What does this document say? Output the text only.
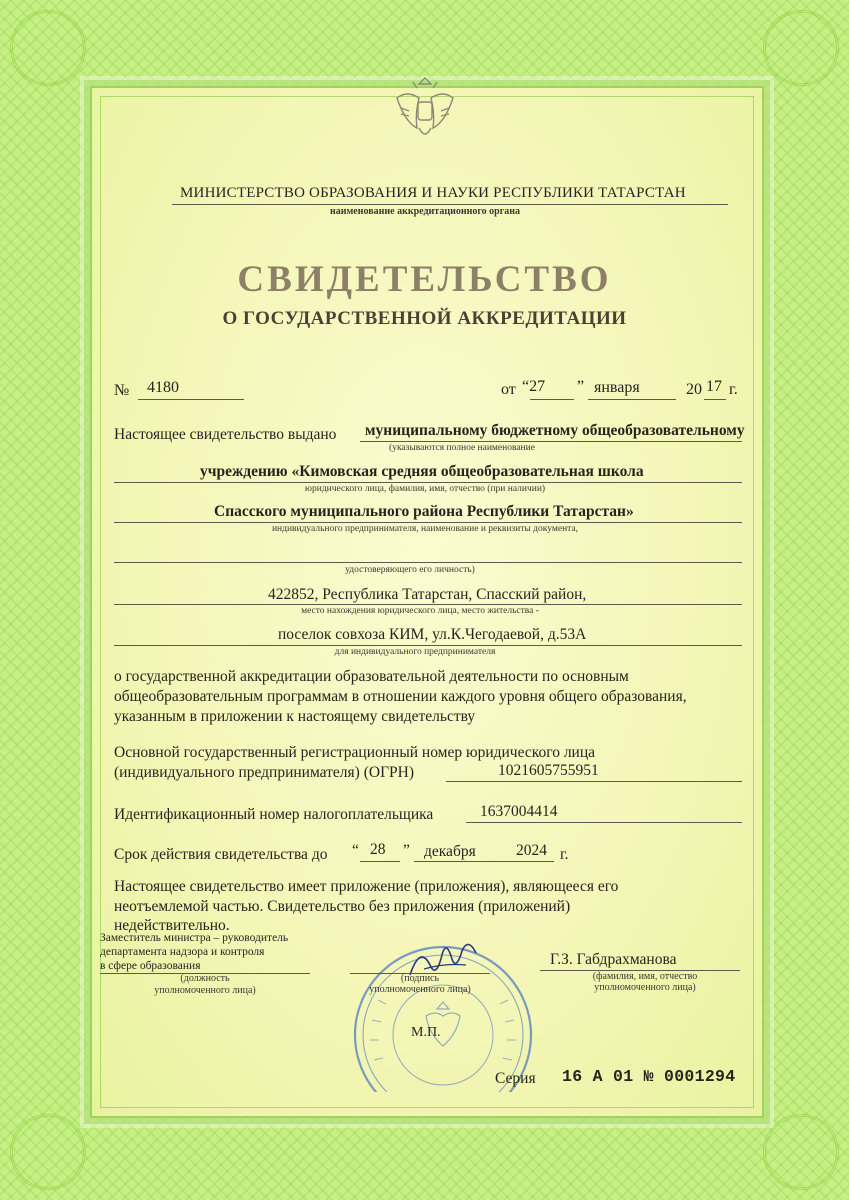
МИНИСТЕРСТВО ОБРАЗОВАНИЯ И НАУКИ РЕСПУБЛИКИ ТАТАРСТАН
наименование аккредитационного органа
СВИДЕТЕЛЬСТВО
О ГОСУДАРСТВЕННОЙ АККРЕДИТАЦИИ
№ 4180	от “27 ” января	20 17 г.
Настоящее свидетельство выдано муниципальному бюджетному общеобразовательному
(указываются полное наименование
учреждению «Кимовская средняя общеобразовательная школа
юридического лица, фамилия, имя, отчество (при наличии)
Спасского муниципального района Республики Татарстан»
индивидуального предпринимателя, наименование и реквизиты документа,
удостоверяющего его личность)
422852, Республика Татарстан, Спасский район,
место нахождения юридического лица, место жительства -
поселок совхоза КИМ, ул.К.Чегодаевой, д.53А
для индивидуального предпринимателя
о государственной аккредитации образовательной деятельности по основным
общеобразовательным программам в отношении каждого уровня общего образования,
указанным в приложении к настоящему свидетельству
Основной государственный регистрационный номер юридического лица
(индивидуального предпринимателя) (ОГРН)	1021605755951
Идентификационный номер налогоплательщика	1637004414
Срок действия свидетельства до “ 28 ” декабря	2024 г.
Настоящее свидетельство имеет приложение (приложения), являющееся его
неотъемлемой частью. Свидетельство без приложения (приложений)
недействительно.
Заместитель министра – руководитель
департамента надзора и контроля
в сфере образования
(должность
уполномоченного лица)
(подпись
уполномоченного лица)
Г.З. Габдрахманова
(фамилия, имя, отчество
уполномоченного лица)
М.П.
Серия 16 А 01 № 0001294
